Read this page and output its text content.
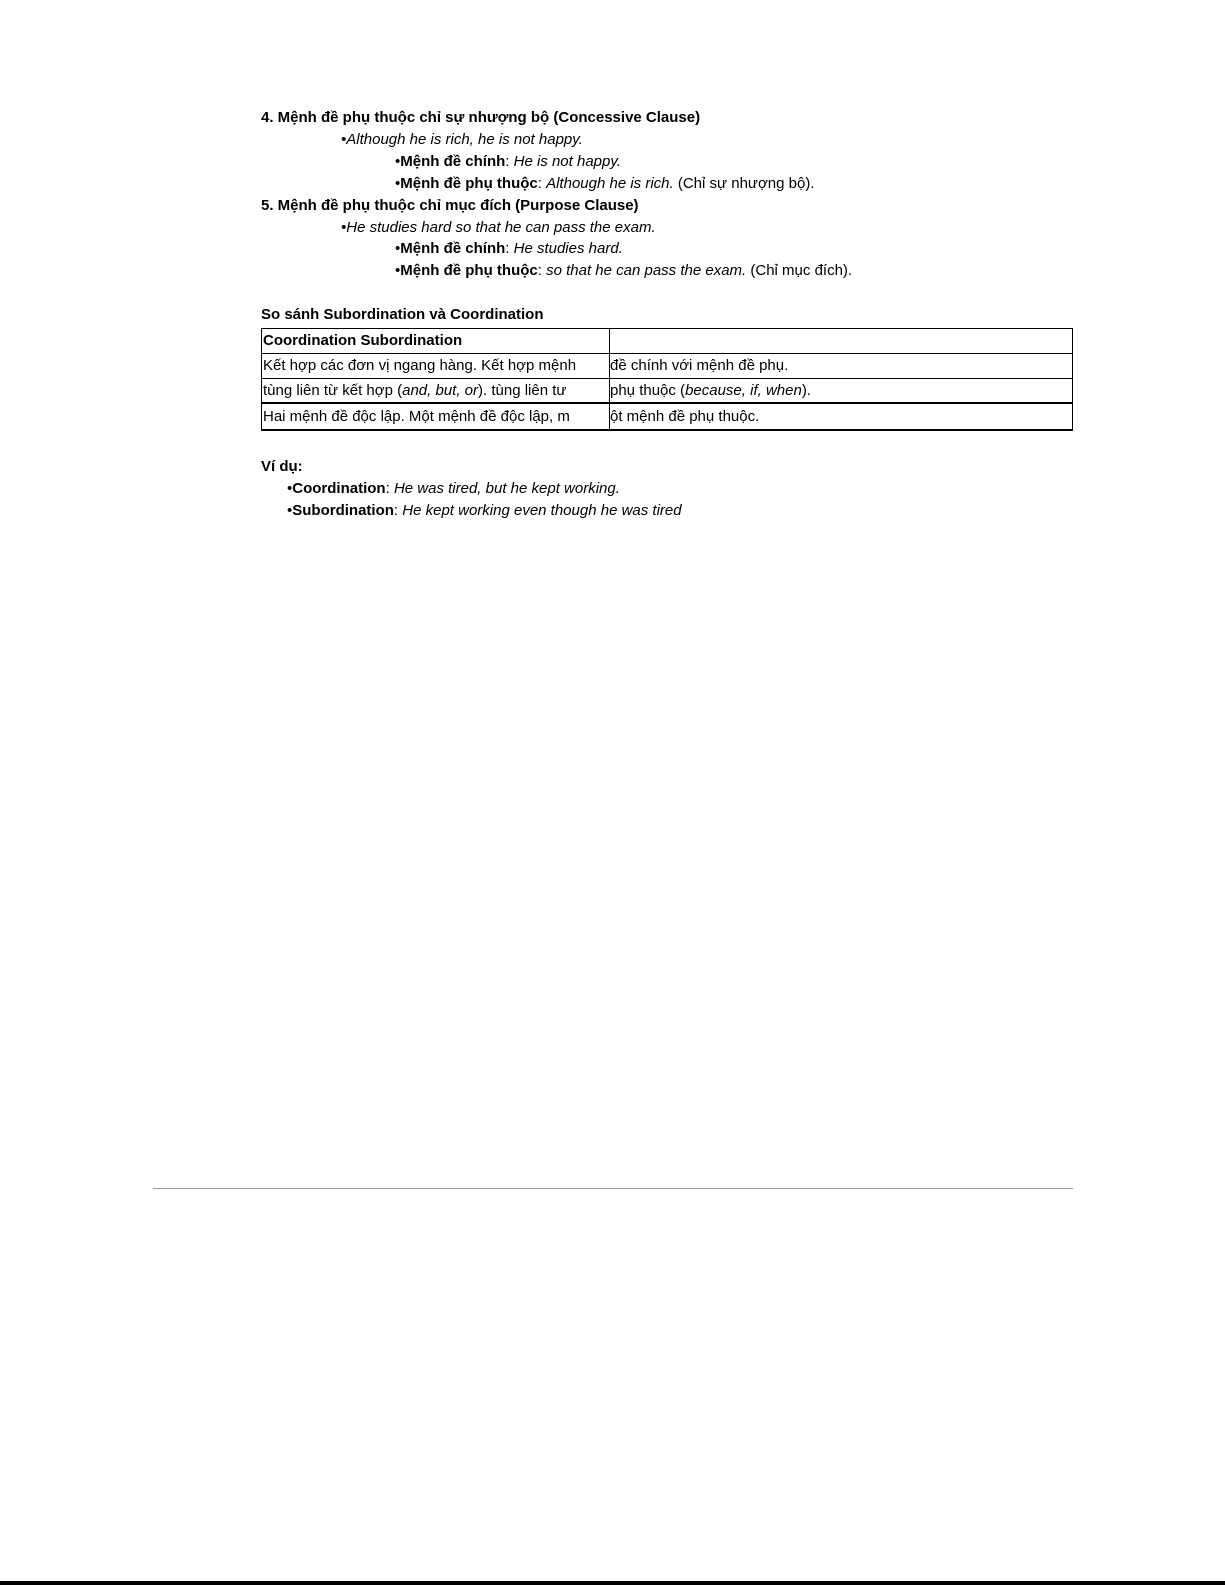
4. Mệnh đề phụ thuộc chỉ sự nhượng bộ (Concessive Clause)
•Although he is rich, he is not happy.
•Mệnh đề chính: He is not happy.
•Mệnh đề phụ thuộc: Although he is rich. (Chỉ sự nhượng bộ).
5. Mệnh đề phụ thuộc chỉ mục đích (Purpose Clause)
•He studies hard so that he can pass the exam.
•Mệnh đề chính: He studies hard.
•Mệnh đề phụ thuộc: so that he can pass the exam. (Chỉ mục đích).
So sánh Subordination và Coordination
Coordination Subordination
Kết hợp các đơn vị ngang hàng. Kết hợp mệnh đề chính với mệnh đề phụ.
tùng liên từ kết hợp (and, but, or). tùng liên tư	phụ thuộc (because, if, when).
Hai mệnh đề độc lập. Một mệnh đề độc lập, m	ột mệnh đề phụ thuộc.
Ví dụ:
•Coordination: He was tired, but he kept working.
•Subordination: He kept working even though he was tired
